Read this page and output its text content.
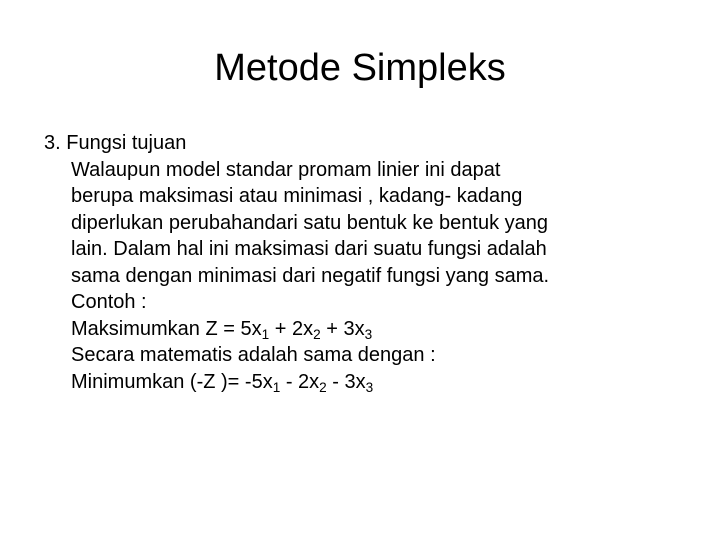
Metode Simpleks
3. Fungsi tujuan
Walaupun model standar promam linier ini dapat
berupa maksimasi atau minimasi , kadang- kadang
diperlukan perubahandari satu bentuk ke bentuk yang
lain. Dalam hal ini maksimasi dari suatu fungsi adalah
sama dengan minimasi dari negatif fungsi yang sama.
Contoh :
Maksimumkan $Z = 5x_1 + 2x_2 + 3x_3$
Secara matematis adalah sama dengan :
Minimumkan (-Z )= $-5x_1 - 2x_2 - 3x_3$
